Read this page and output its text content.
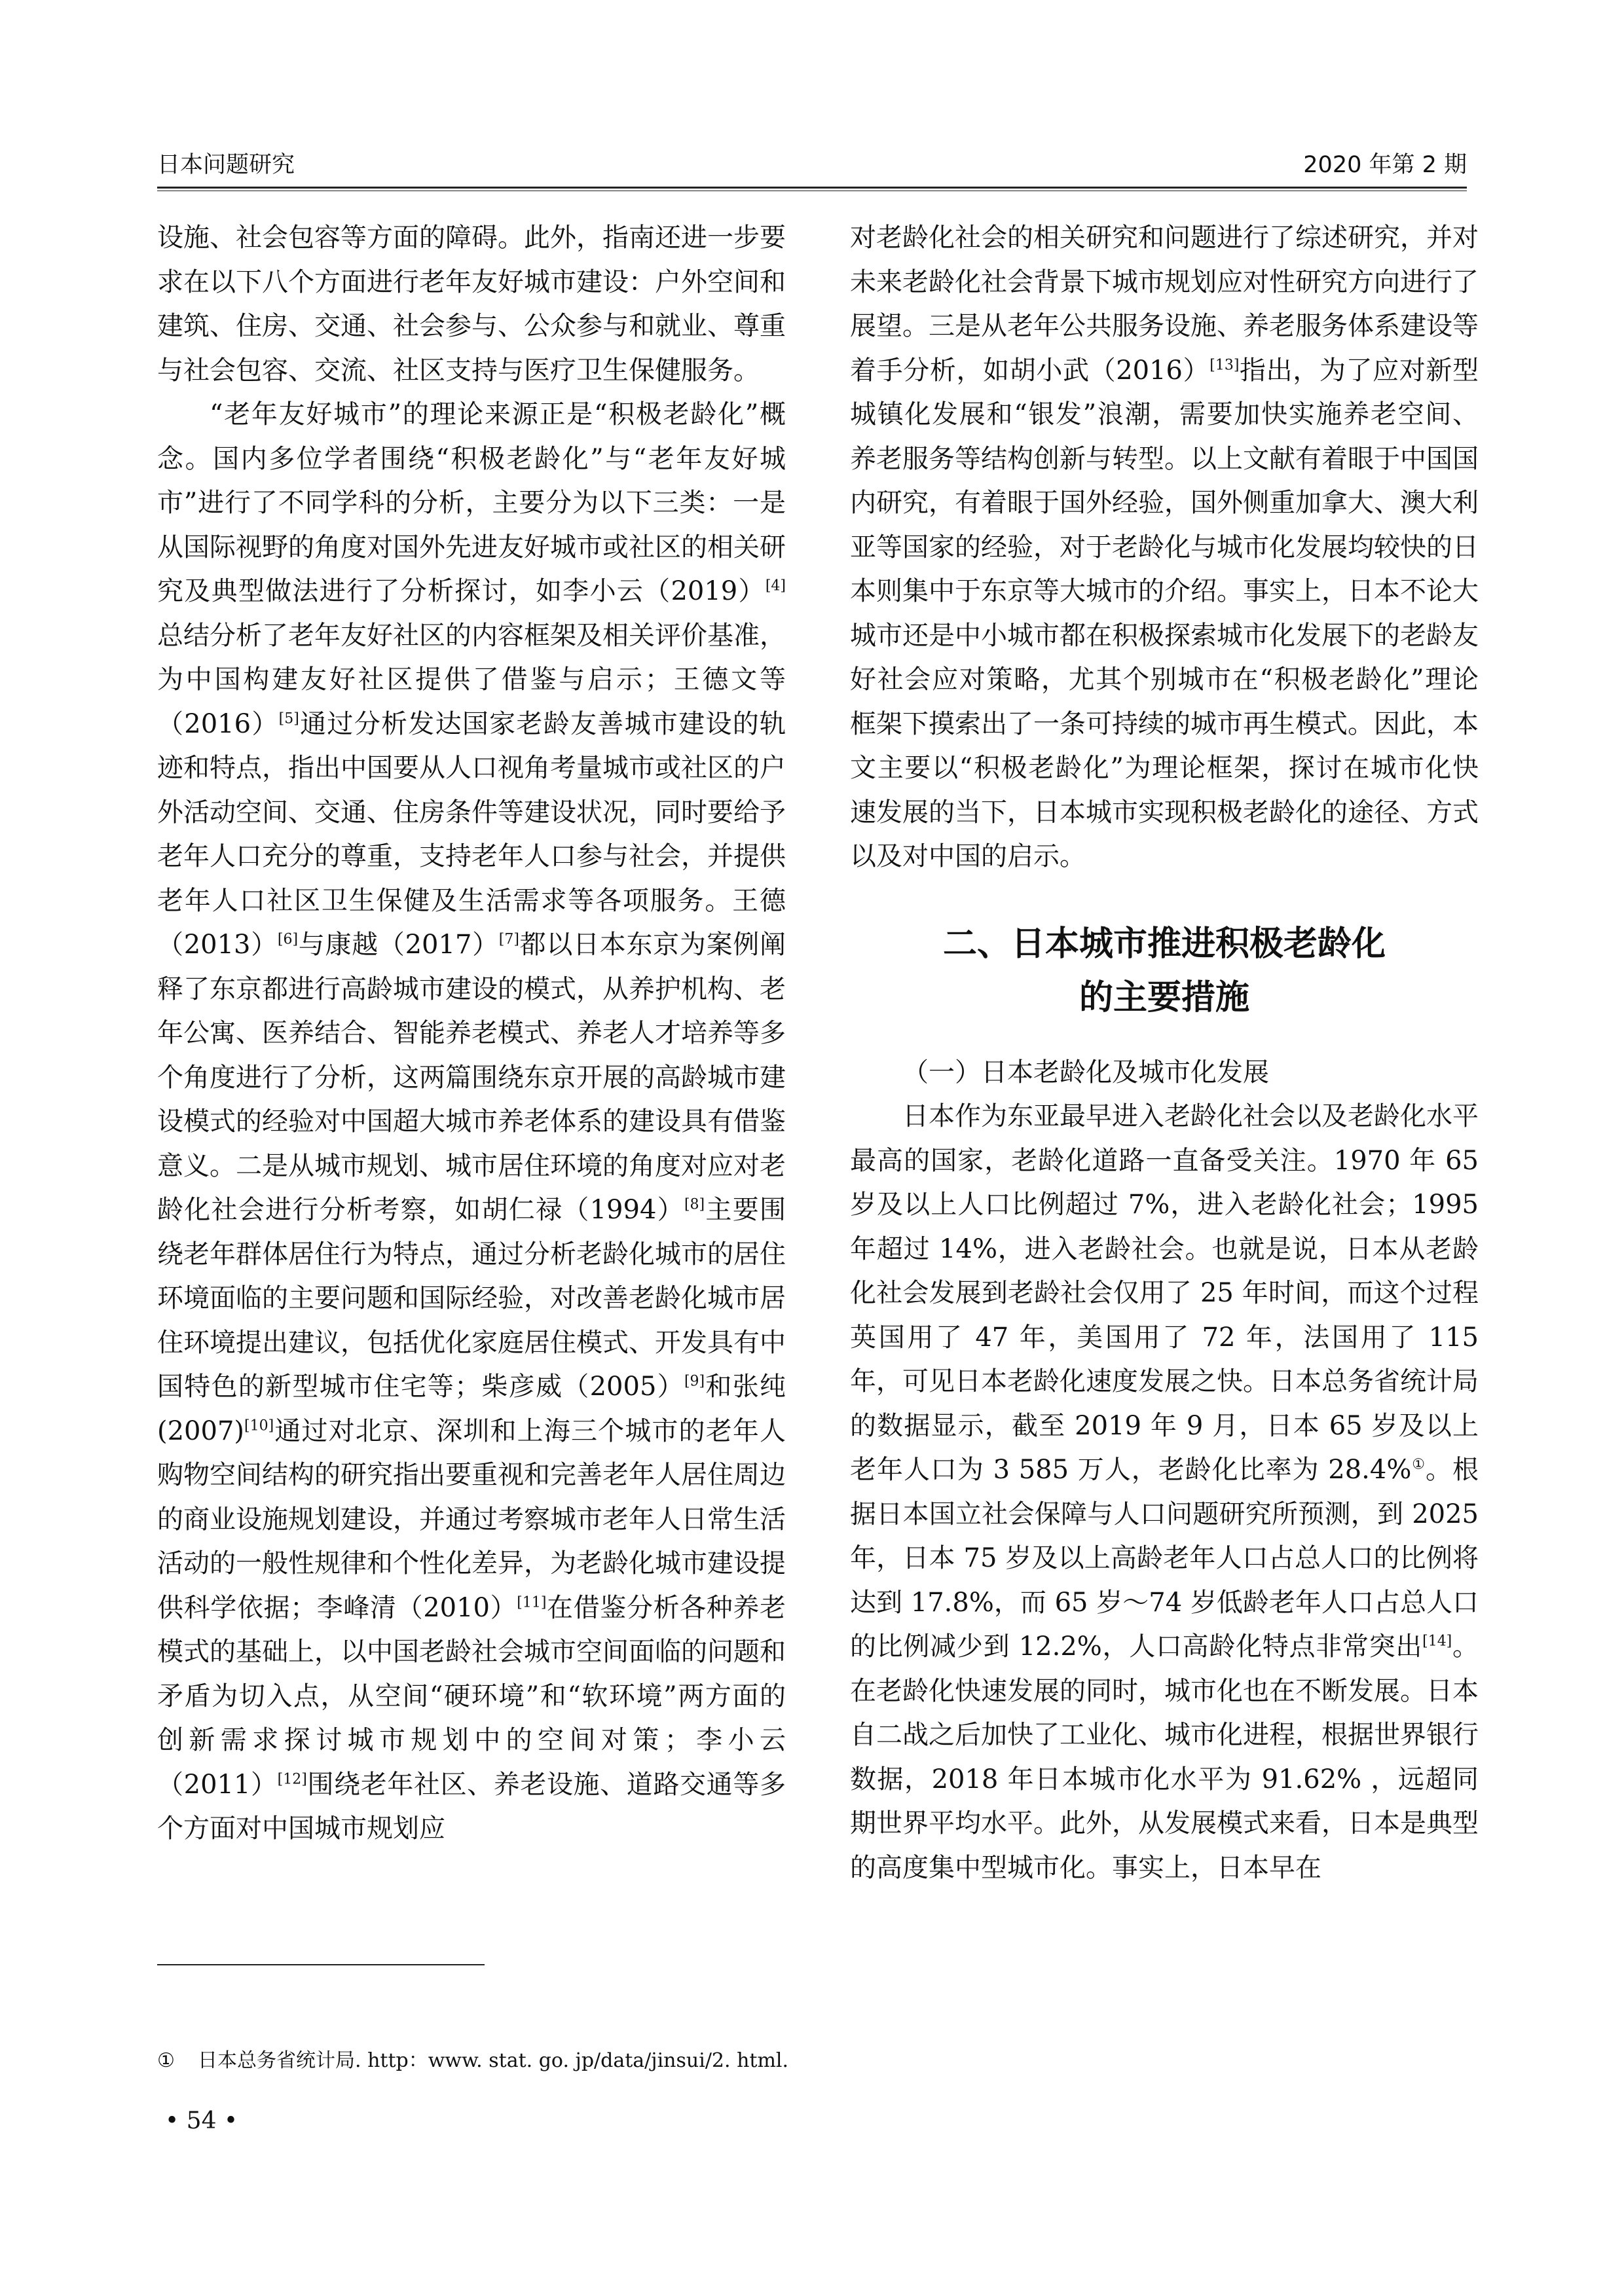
日本问题研究	2020 年第 2 期

设施、社会包容等方面的障碍。此外，指南还进一步要求在以下八个方面进行老年友好城市建设：户外空间和建筑、住房、交通、社会参与、公众参与和就业、尊重与社会包容、交流、社区支持与医疗卫生保健服务。

“老年友好城市”的理论来源正是“积极老龄化”概念。国内多位学者围绕“积极老龄化”与“老年友好城市”进行了不同学科的分析，主要分为以下三类：一是从国际视野的角度对国外先进友好城市或社区的相关研究及典型做法进行了分析探讨，如李小云（2019）[4]总结分析了老年友好社区的内容框架及相关评价基准，为中国构建友好社区提供了借鉴与启示；王德文等（2016）[5]通过分析发达国家老龄友善城市建设的轨迹和特点，指出中国要从人口视角考量城市或社区的户外活动空间、交通、住房条件等建设状况，同时要给予老年人口充分的尊重，支持老年人口参与社会，并提供老年人口社区卫生保健及生活需求等各项服务。王德（2013）[6]与康越（2017）[7]都以日本东京为案例阐释了东京都进行高龄城市建设的模式，从养护机构、老年公寓、医养结合、智能养老模式、养老人才培养等多个角度进行了分析，这两篇围绕东京开展的高龄城市建设模式的经验对中国超大城市养老体系的建设具有借鉴意义。二是从城市规划、城市居住环境的角度对应对老龄化社会进行分析考察，如胡仁禄（1994）[8]主要围绕老年群体居住行为特点，通过分析老龄化城市的居住环境面临的主要问题和国际经验，对改善老龄化城市居住环境提出建议，包括优化家庭居住模式、开发具有中国特色的新型城市住宅等；柴彦威（2005）[9]和张纯(2007)[10]通过对北京、深圳和上海三个城市的老年人购物空间结构的研究指出要重视和完善老年人居住周边的商业设施规划建设，并通过考察城市老年人日常生活活动的一般性规律和个性化差异，为老龄化城市建设提供科学依据；李峰清（2010）[11]在借鉴分析各种养老模式的基础上，以中国老龄社会城市空间面临的问题和矛盾为切入点，从空间“硬环境”和“软环境”两方面的创新需求探讨城市规划中的空间对策；李小云（2011）[12]围绕老年社区、养老设施、道路交通等多个方面对中国城市规划应

对老龄化社会的相关研究和问题进行了综述研究，并对未来老龄化社会背景下城市规划应对性研究方向进行了展望。三是从老年公共服务设施、养老服务体系建设等着手分析，如胡小武（2016）[13]指出，为了应对新型城镇化发展和“银发”浪潮，需要加快实施养老空间、养老服务等结构创新与转型。以上文献有着眼于中国国内研究，有着眼于国外经验，国外侧重加拿大、澳大利亚等国家的经验，对于老龄化与城市化发展均较快的日本则集中于东京等大城市的介绍。事实上，日本不论大城市还是中小城市都在积极探索城市化发展下的老龄友好社会应对策略，尤其个别城市在“积极老龄化”理论框架下摸索出了一条可持续的城市再生模式。因此，本文主要以“积极老龄化”为理论框架，探讨在城市化快速发展的当下，日本城市实现积极老龄化的途径、方式以及对中国的启示。

二、日本城市推进积极老龄化
的主要措施

（一）日本老龄化及城市化发展

日本作为东亚最早进入老龄化社会以及老龄化水平最高的国家，老龄化道路一直备受关注。1970 年 65 岁及以上人口比例超过 7%，进入老龄化社会；1995 年超过 14%，进入老龄社会。也就是说，日本从老龄化社会发展到老龄社会仅用了 25 年时间，而这个过程英国用了 47 年，美国用了 72 年，法国用了 115 年，可见日本老龄化速度发展之快。日本总务省统计局的数据显示，截至 2019 年 9 月，日本 65 岁及以上老年人口为 3 585 万人，老龄化比率为 28.4%①。根据日本国立社会保障与人口问题研究所预测，到 2025 年，日本 75 岁及以上高龄老年人口占总人口的比例将达到 17.8%，而 65 岁～74 岁低龄老年人口占总人口的比例减少到 12.2%，人口高龄化特点非常突出[14]。在老龄化快速发展的同时，城市化也在不断发展。日本自二战之后加快了工业化、城市化进程，根据世界银行数据，2018 年日本城市化水平为 91.62% ，远超同期世界平均水平。此外，从发展模式来看，日本是典型的高度集中型城市化。事实上，日本早在

① 日本总务省统计局. http：www. stat. go. jp/data/jinsui/2. html.
• 54 •
